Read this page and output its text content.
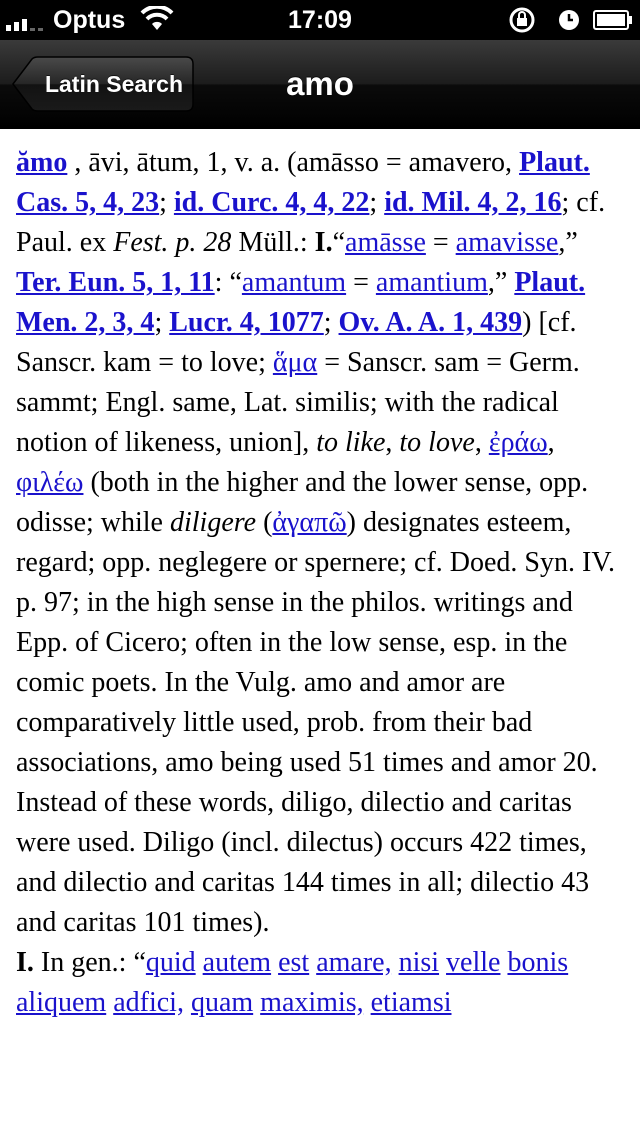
Optus	17:09
Latin Search	amo

ămo , āvi, ātum, 1, v. a. (amāsso = amavero, Plaut. Cas. 5, 4, 23; id. Curc. 4, 4, 22; id. Mil. 4, 2, 16; cf. Paul. ex Fest. p. 28 Müll.: I.“amāsse = amavisse,” Ter. Eun. 5, 1, 11: “amantum = amantium,” Plaut. Men. 2, 3, 4; Lucr. 4, 1077; Ov. A. A. 1, 439) [cf. Sanscr. kam = to love; ἅμα = Sanscr. sam = Germ. sammt; Engl. same, Lat. similis; with the radical notion of likeness, union], to like, to love, ἐράω, φιλέω (both in the higher and the lower sense, opp. odisse; while diligere (ἀγαπῶ) designates esteem, regard; opp. neglegere or spernere; cf. Doed. Syn. IV. p. 97; in the high sense in the philos. writings and Epp. of Cicero; often in the low sense, esp. in the comic poets. In the Vulg. amo and amor are comparatively little used, prob. from their bad associations, amo being used 51 times and amor 20. Instead of these words, diligo, dilectio and caritas were used. Diligo (incl. dilectus) occurs 422 times, and dilectio and caritas 144 times in all; dilectio 43 and caritas 101 times).

I. In gen.: “quid autem est amare, nisi velle bonis aliquem adfici, quam maximis, etiamsi
